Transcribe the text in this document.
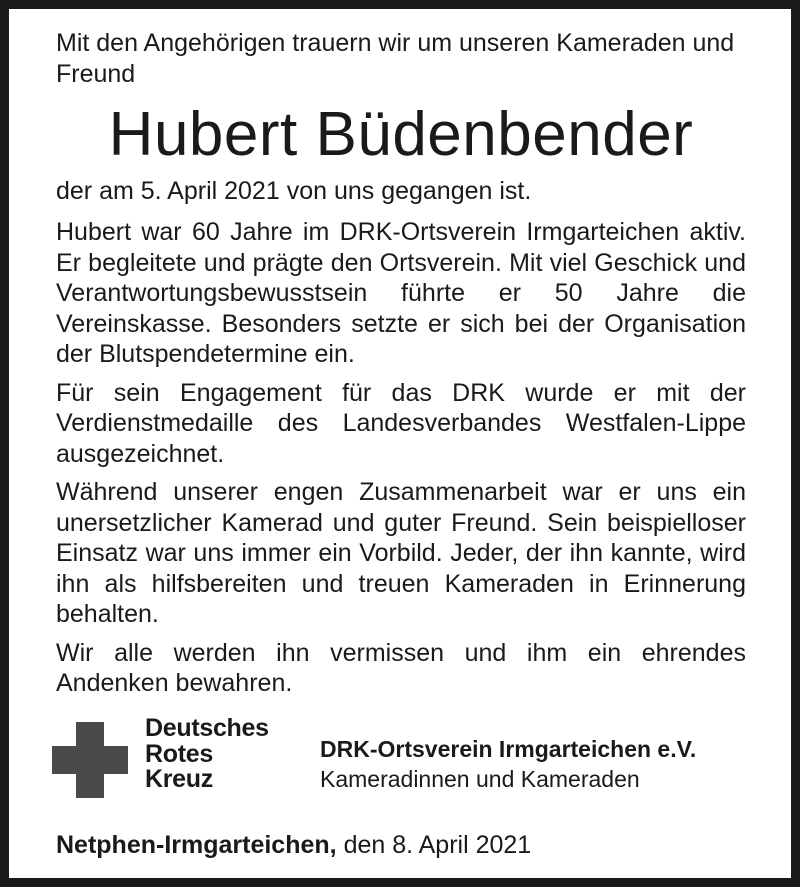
Mit den Angehörigen trauern wir um unseren Kameraden und Freund

Hubert Büdenbender

der am 5. April 2021 von uns gegangen ist.

Hubert war 60 Jahre im DRK-Ortsverein Irmgarteichen aktiv. Er begleitete und prägte den Ortsverein. Mit viel Geschick und Verantwortungsbewusstsein führte er 50 Jahre die Vereinskasse. Besonders setzte er sich bei der Organisation der Blutspendetermine ein.

Für sein Engagement für das DRK wurde er mit der Verdienstmedaille des Landesverbandes Westfalen-Lippe ausgezeichnet.

Während unserer engen Zusammenarbeit war er uns ein unersetzlicher Kamerad und guter Freund. Sein beispielloser Einsatz war uns immer ein Vorbild. Jeder, der ihn kannte, wird ihn als hilfsbereiten und treuen Kameraden in Erinnerung behalten.

Wir alle werden ihn vermissen und ihm ein ehrendes Andenken bewahren.

Deutsches
Rotes
Kreuz
DRK-Ortsverein Irmgarteichen e.V.
Kameradinnen und Kameraden
Netphen-Irmgarteichen, den 8. April 2021
